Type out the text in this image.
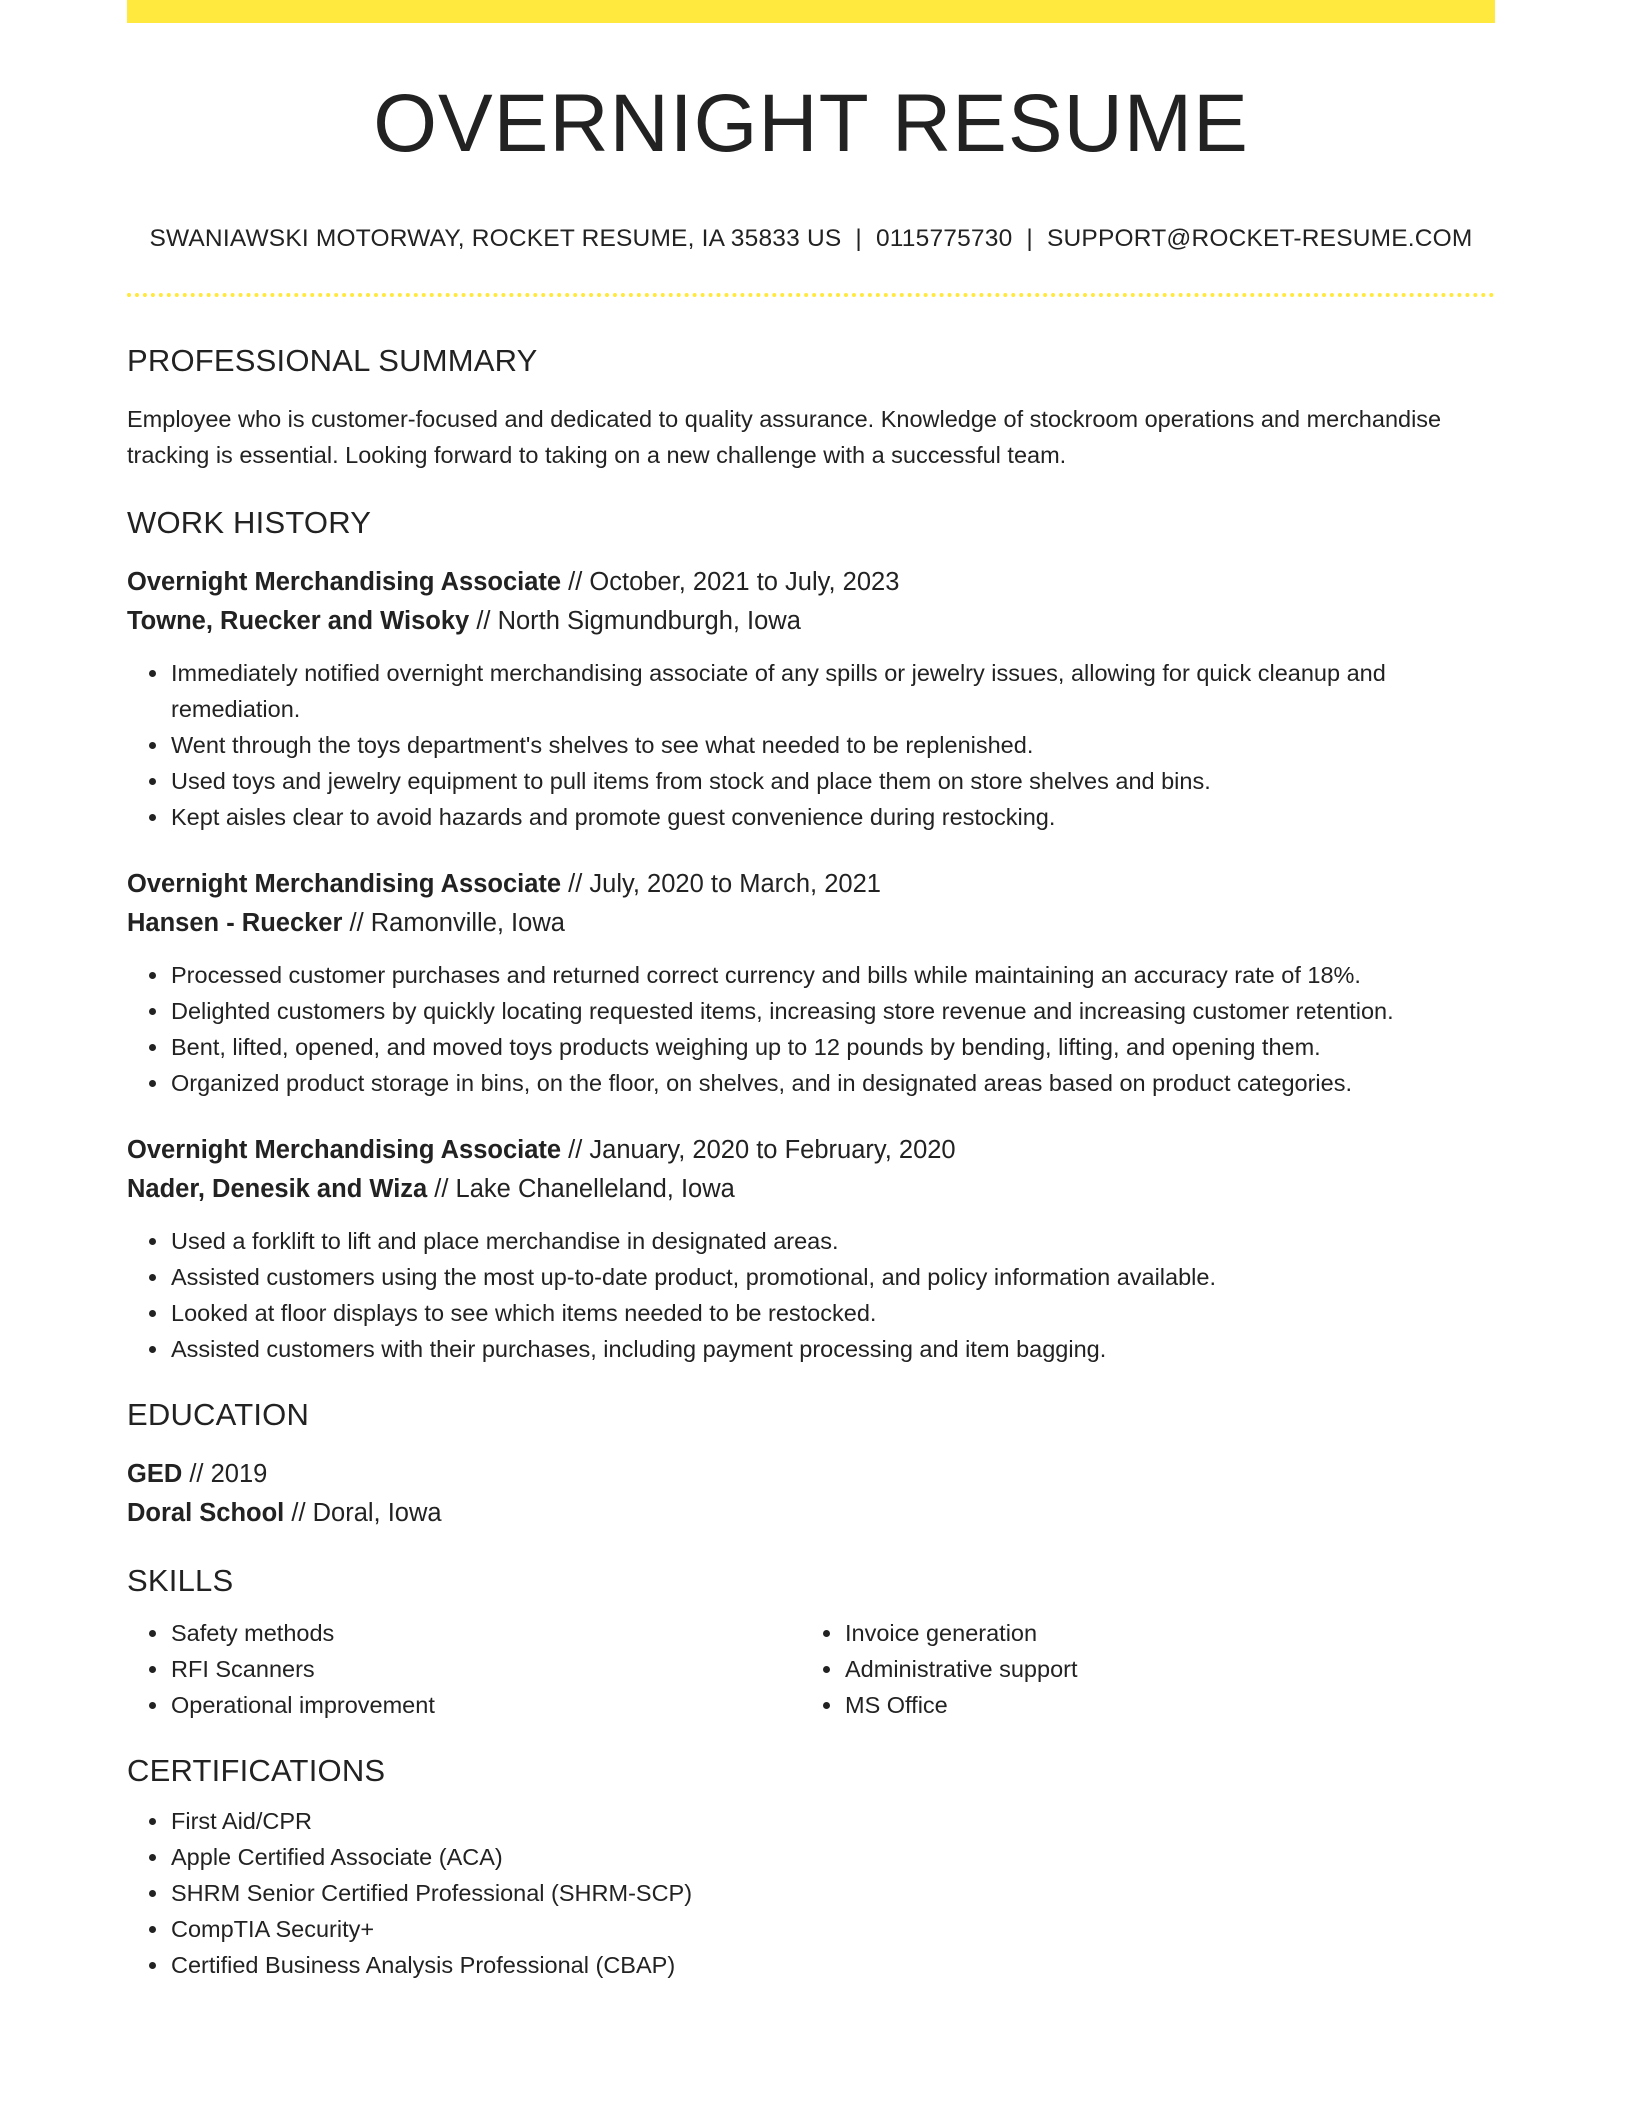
OVERNIGHT RESUME
SWANIAWSKI MOTORWAY, ROCKET RESUME, IA 35833 US | 0115775730 | SUPPORT@ROCKET-RESUME.COM
PROFESSIONAL SUMMARY
Employee who is customer-focused and dedicated to quality assurance. Knowledge of stockroom operations and merchandise tracking is essential. Looking forward to taking on a new challenge with a successful team.
WORK HISTORY
Overnight Merchandising Associate // October, 2021 to July, 2023
Towne, Ruecker and Wisoky // North Sigmundburgh, Iowa
• Immediately notified overnight merchandising associate of any spills or jewelry issues, allowing for quick cleanup and remediation.
• Went through the toys department's shelves to see what needed to be replenished.
• Used toys and jewelry equipment to pull items from stock and place them on store shelves and bins.
• Kept aisles clear to avoid hazards and promote guest convenience during restocking.
Overnight Merchandising Associate // July, 2020 to March, 2021
Hansen - Ruecker // Ramonville, Iowa
• Processed customer purchases and returned correct currency and bills while maintaining an accuracy rate of 18%.
• Delighted customers by quickly locating requested items, increasing store revenue and increasing customer retention.
• Bent, lifted, opened, and moved toys products weighing up to 12 pounds by bending, lifting, and opening them.
• Organized product storage in bins, on the floor, on shelves, and in designated areas based on product categories.
Overnight Merchandising Associate // January, 2020 to February, 2020
Nader, Denesik and Wiza // Lake Chanelleland, Iowa
• Used a forklift to lift and place merchandise in designated areas.
• Assisted customers using the most up-to-date product, promotional, and policy information available.
• Looked at floor displays to see which items needed to be restocked.
• Assisted customers with their purchases, including payment processing and item bagging.
EDUCATION
GED // 2019
Doral School // Doral, Iowa
SKILLS
• Safety methods
• RFI Scanners
• Operational improvement
• Invoice generation
• Administrative support
• MS Office
CERTIFICATIONS
• First Aid/CPR
• Apple Certified Associate (ACA)
• SHRM Senior Certified Professional (SHRM-SCP)
• CompTIA Security+
• Certified Business Analysis Professional (CBAP)
